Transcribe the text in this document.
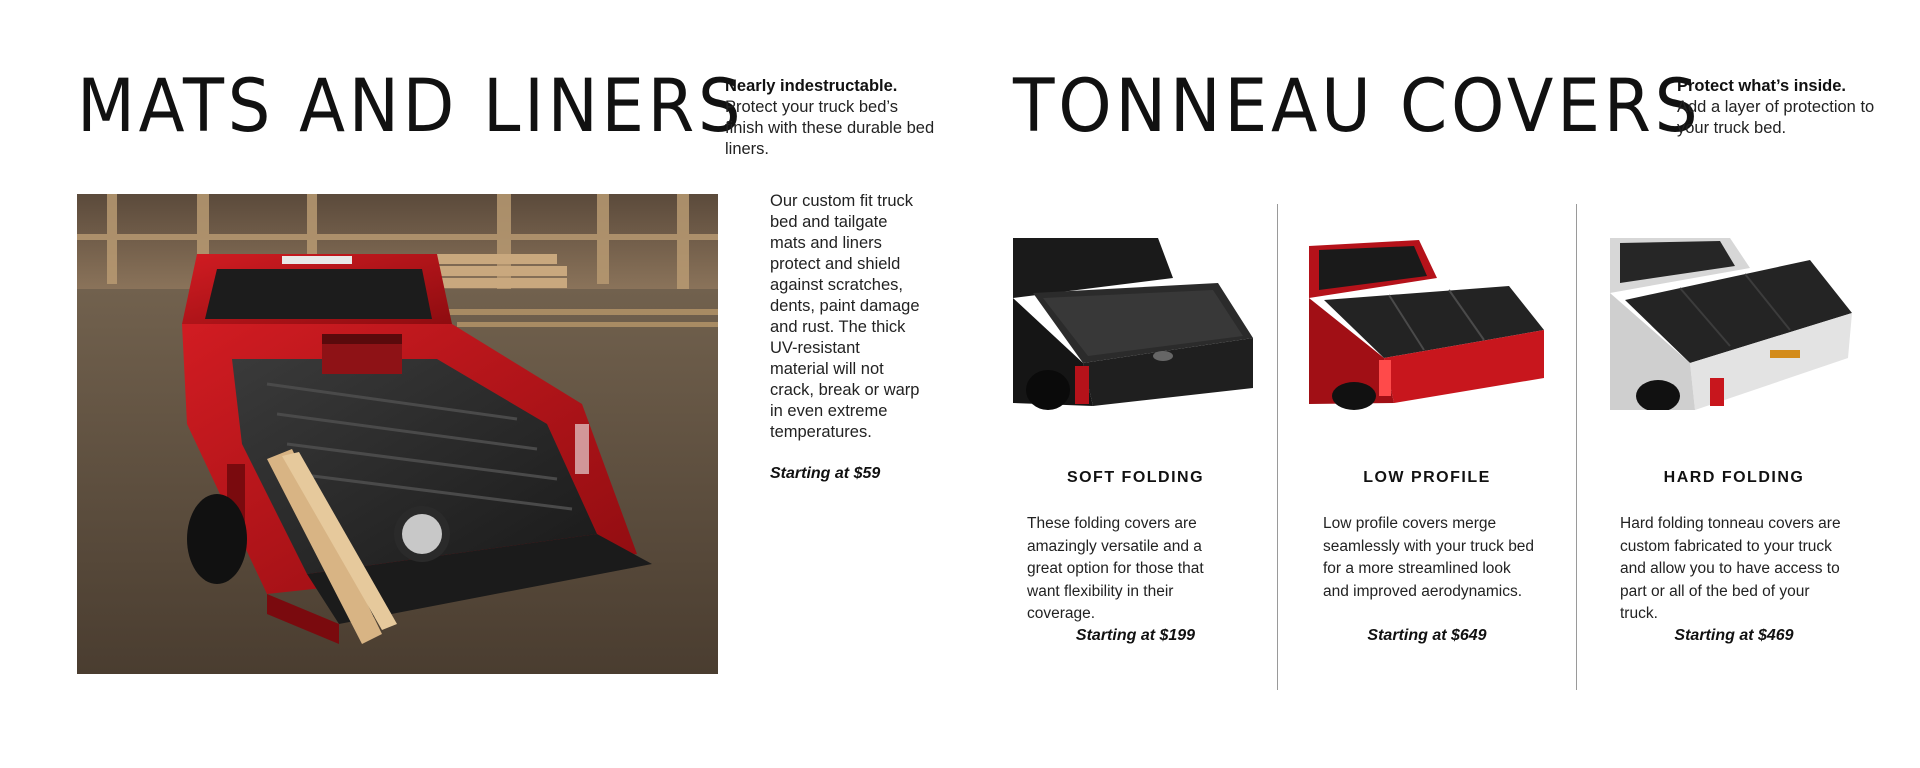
MATS AND LINERS
Nearly indestructable.
Protect your truck bed’s finish with these durable bed liners.
Our custom fit truck bed and tailgate mats and liners protect and shield against scratches, dents, paint damage and rust. The thick UV-resistant material will not crack, break or warp in even extreme temperatures.
Starting at $59
TONNEAU COVERS
Protect what’s inside.
Add a layer of protection to your truck bed.
SOFT FOLDING
These folding covers are amazingly versatile and a great option for those that want flexibility in their coverage.
Starting at $199
LOW PROFILE
Low profile covers merge seamlessly with your truck bed for a more streamlined look and improved aerodynamics.
Starting at $649
HARD FOLDING
Hard folding tonneau covers are custom fabricated to your truck and allow you to have access to part or all of the bed of your truck.
Starting at $469
